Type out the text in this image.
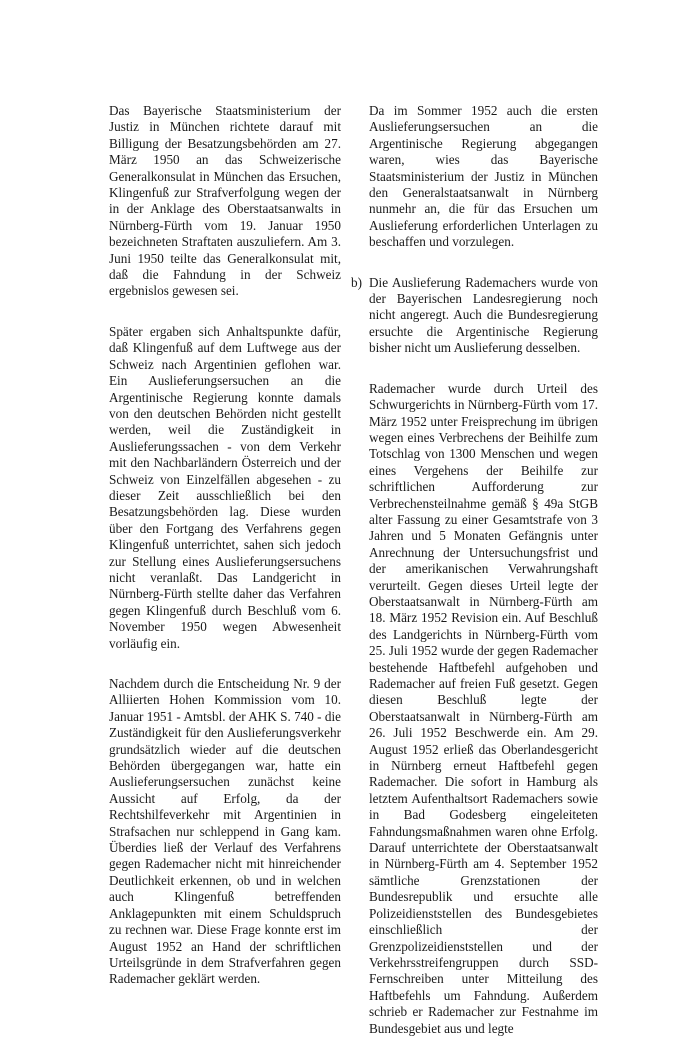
Das Bayerische Staatsministerium der Justiz in München richtete darauf mit Billigung der Besatzungsbehörden am 27. März 1950 an das Schweizerische Generalkonsulat in München das Ersuchen, Klingenfuß zur Strafverfolgung wegen der in der Anklage des Oberstaatsanwalts in Nürnberg-Fürth vom 19. Januar 1950 bezeichneten Straftaten auszuliefern. Am 3. Juni 1950 teilte das Generalkonsulat mit, daß die Fahndung in der Schweiz ergebnislos gewesen sei.

Später ergaben sich Anhaltspunkte dafür, daß Klingenfuß auf dem Luftwege aus der Schweiz nach Argentinien geflohen war. Ein Auslieferungsersuchen an die Argentinische Regierung konnte damals von den deutschen Behörden nicht gestellt werden, weil die Zuständigkeit in Auslieferungssachen - von dem Verkehr mit den Nachbarländern Österreich und der Schweiz von Einzelfällen abgesehen - zu dieser Zeit ausschließlich bei den Besatzungsbehörden lag. Diese wurden über den Fortgang des Verfahrens gegen Klingenfuß unterrichtet, sahen sich jedoch zur Stellung eines Auslieferungsersuchens nicht veranlaßt. Das Landgericht in Nürnberg-Fürth stellte daher das Verfahren gegen Klingenfuß durch Beschluß vom 6. November 1950 wegen Abwesenheit vorläufig ein.

Nachdem durch die Entscheidung Nr. 9 der Alliierten Hohen Kommission vom 10. Januar 1951 - Amtsbl. der AHK S. 740 - die Zuständigkeit für den Auslieferungsverkehr grundsätzlich wieder auf die deutschen Behörden übergegangen war, hatte ein Auslieferungsersuchen zunächst keine Aussicht auf Erfolg, da der Rechtshilfeverkehr mit Argentinien in Strafsachen nur schleppend in Gang kam. Überdies ließ der Verlauf des Verfahrens gegen Rademacher nicht mit hinreichender Deutlichkeit erkennen, ob und in welchen auch Klingenfuß betreffenden Anklagepunkten mit einem Schuldspruch zu rechnen war. Diese Frage konnte erst im August 1952 an Hand der schriftlichen Urteilsgründe in dem Strafverfahren gegen Rademacher geklärt werden.

Da im Sommer 1952 auch die ersten Auslieferungsersuchen an die Argentinische Regierung abgegangen waren, wies das Bayerische Staatsministerium der Justiz in München den Generalstaatsanwalt in Nürnberg nunmehr an, die für das Ersuchen um Auslieferung erforderlichen Unterlagen zu beschaffen und vorzulegen.

b) Die Auslieferung Rademachers wurde von der Bayerischen Landesregierung noch nicht angeregt. Auch die Bundesregierung ersuchte die Argentinische Regierung bisher nicht um Auslieferung desselben.

Rademacher wurde durch Urteil des Schwurgerichts in Nürnberg-Fürth vom 17. März 1952 unter Freisprechung im übrigen wegen eines Verbrechens der Beihilfe zum Totschlag von 1300 Menschen und wegen eines Vergehens der Beihilfe zur schriftlichen Aufforderung zur Verbrechensteilnahme gemäß § 49a StGB alter Fassung zu einer Gesamtstrafe von 3 Jahren und 5 Monaten Gefängnis unter Anrechnung der Untersuchungsfrist und der amerikanischen Verwahrungshaft verurteilt. Gegen dieses Urteil legte der Oberstaatsanwalt in Nürnberg-Fürth am 18. März 1952 Revision ein. Auf Beschluß des Landgerichts in Nürnberg-Fürth vom 25. Juli 1952 wurde der gegen Rademacher bestehende Haftbefehl aufgehoben und Rademacher auf freien Fuß gesetzt. Gegen diesen Beschluß legte der Oberstaatsanwalt in Nürnberg-Fürth am 26. Juli 1952 Beschwerde ein. Am 29. August 1952 erließ das Oberlandesgericht in Nürnberg erneut Haftbefehl gegen Rademacher. Die sofort in Hamburg als letztem Aufenthaltsort Rademachers sowie in Bad Godesberg eingeleiteten Fahndungsmaßnahmen waren ohne Erfolg. Darauf unterrichtete der Oberstaatsanwalt in Nürnberg-Fürth am 4. September 1952 sämtliche Grenzstationen der Bundesrepublik und ersuchte alle Polizeidienststellen des Bundesgebietes einschließlich der Grenzpolizeidienststellen und der Verkehrsstreifengruppen durch SSD-Fernschreiben unter Mitteilung des Haftbefehls um Fahndung. Außerdem schrieb er Rademacher zur Festnahme im Bundesgebiet aus und legte
